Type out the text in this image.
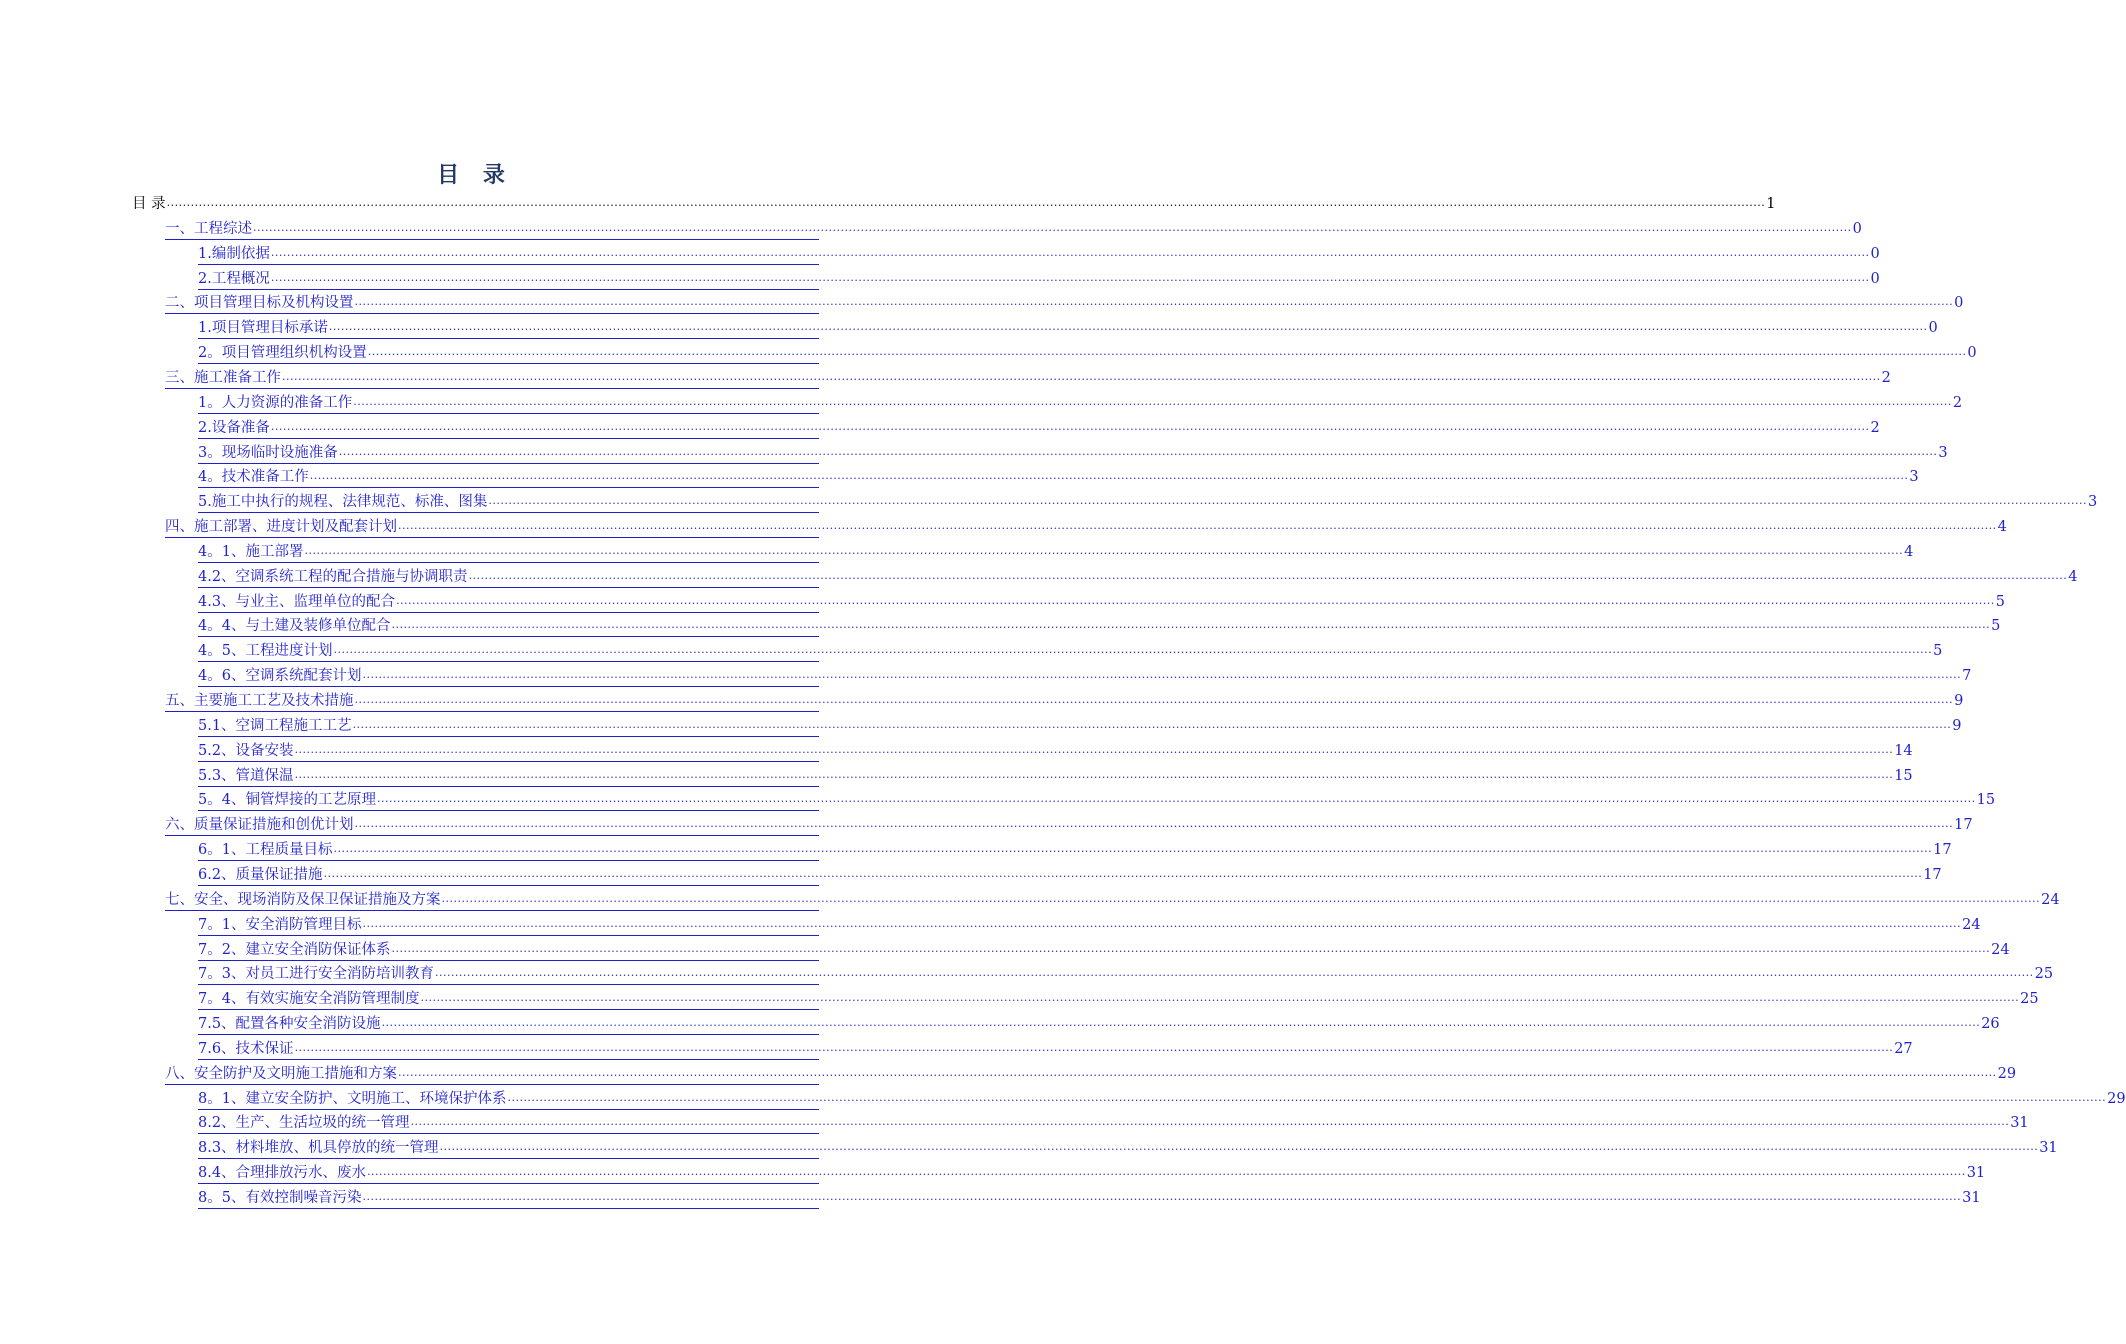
目 录
目 录 ................................................................................................................................................................................................................................................................................................................................................................................................................ 1
一、工程综述 ................................................................................................................................................................................................................................................................................................................................................................................................................ 0
1.编制依据 ................................................................................................................................................................................................................................................................................................................................................................................................................ 0
2.工程概况 ................................................................................................................................................................................................................................................................................................................................................................................................................ 0
二、项目管理目标及机构设置 ................................................................................................................................................................................................................................................................................................................................................................................................................ 0
1.项目管理目标承诺 ................................................................................................................................................................................................................................................................................................................................................................................................................ 0
2。项目管理组织机构设置 ................................................................................................................................................................................................................................................................................................................................................................................................................ 0
三、施工准备工作 ................................................................................................................................................................................................................................................................................................................................................................................................................ 2
1。人力资源的准备工作 ................................................................................................................................................................................................................................................................................................................................................................................................................ 2
2.设备准备 ................................................................................................................................................................................................................................................................................................................................................................................................................ 2
3。现场临时设施准备 ................................................................................................................................................................................................................................................................................................................................................................................................................ 3
4。技术准备工作 ................................................................................................................................................................................................................................................................................................................................................................................................................ 3
5.施工中执行的规程、法律规范、标准、图集 ................................................................................................................................................................................................................................................................................................................................................................................................................ 3
四、施工部署、进度计划及配套计划 ................................................................................................................................................................................................................................................................................................................................................................................................................ 4
4。1、施工部署 ................................................................................................................................................................................................................................................................................................................................................................................................................ 4
4.2、空调系统工程的配合措施与协调职责 ................................................................................................................................................................................................................................................................................................................................................................................................................ 4
4.3、与业主、监理单位的配合 ................................................................................................................................................................................................................................................................................................................................................................................................................ 5
4。4、与土建及装修单位配合 ................................................................................................................................................................................................................................................................................................................................................................................................................ 5
4。5、工程进度计划 ................................................................................................................................................................................................................................................................................................................................................................................................................ 5
4。6、空调系统配套计划 ................................................................................................................................................................................................................................................................................................................................................................................................................ 7
五、主要施工工艺及技术措施 ................................................................................................................................................................................................................................................................................................................................................................................................................ 9
5.1、空调工程施工工艺 ................................................................................................................................................................................................................................................................................................................................................................................................................ 9
5.2、设备安装 ................................................................................................................................................................................................................................................................................................................................................................................................................ 14
5.3、管道保温 ................................................................................................................................................................................................................................................................................................................................................................................................................ 15
5。4、铜管焊接的工艺原理 ................................................................................................................................................................................................................................................................................................................................................................................................................ 15
六、质量保证措施和创优计划 ................................................................................................................................................................................................................................................................................................................................................................................................................ 17
6。1、工程质量目标 ................................................................................................................................................................................................................................................................................................................................................................................................................ 17
6.2、质量保证措施 ................................................................................................................................................................................................................................................................................................................................................................................................................ 17
七、安全、现场消防及保卫保证措施及方案 ................................................................................................................................................................................................................................................................................................................................................................................................................ 24
7。1、安全消防管理目标 ................................................................................................................................................................................................................................................................................................................................................................................................................ 24
7。2、建立安全消防保证体系 ................................................................................................................................................................................................................................................................................................................................................................................................................ 24
7。3、对员工进行安全消防培训教育 ................................................................................................................................................................................................................................................................................................................................................................................................................ 25
7。4、有效实施安全消防管理制度 ................................................................................................................................................................................................................................................................................................................................................................................................................ 25
7.5、配置各种安全消防设施 ................................................................................................................................................................................................................................................................................................................................................................................................................ 26
7.6、技术保证 ................................................................................................................................................................................................................................................................................................................................................................................................................ 27
八、安全防护及文明施工措施和方案 ................................................................................................................................................................................................................................................................................................................................................................................................................ 29
8。1、建立安全防护、文明施工、环境保护体系 ................................................................................................................................................................................................................................................................................................................................................................................................................ 29
8.2、生产、生活垃圾的统一管理 ................................................................................................................................................................................................................................................................................................................................................................................................................ 31
8.3、材料堆放、机具停放的统一管理 ................................................................................................................................................................................................................................................................................................................................................................................................................ 31
8.4、合理排放污水、废水 ................................................................................................................................................................................................................................................................................................................................................................................................................ 31
8。5、有效控制噪音污染 ................................................................................................................................................................................................................................................................................................................................................................................................................ 31
